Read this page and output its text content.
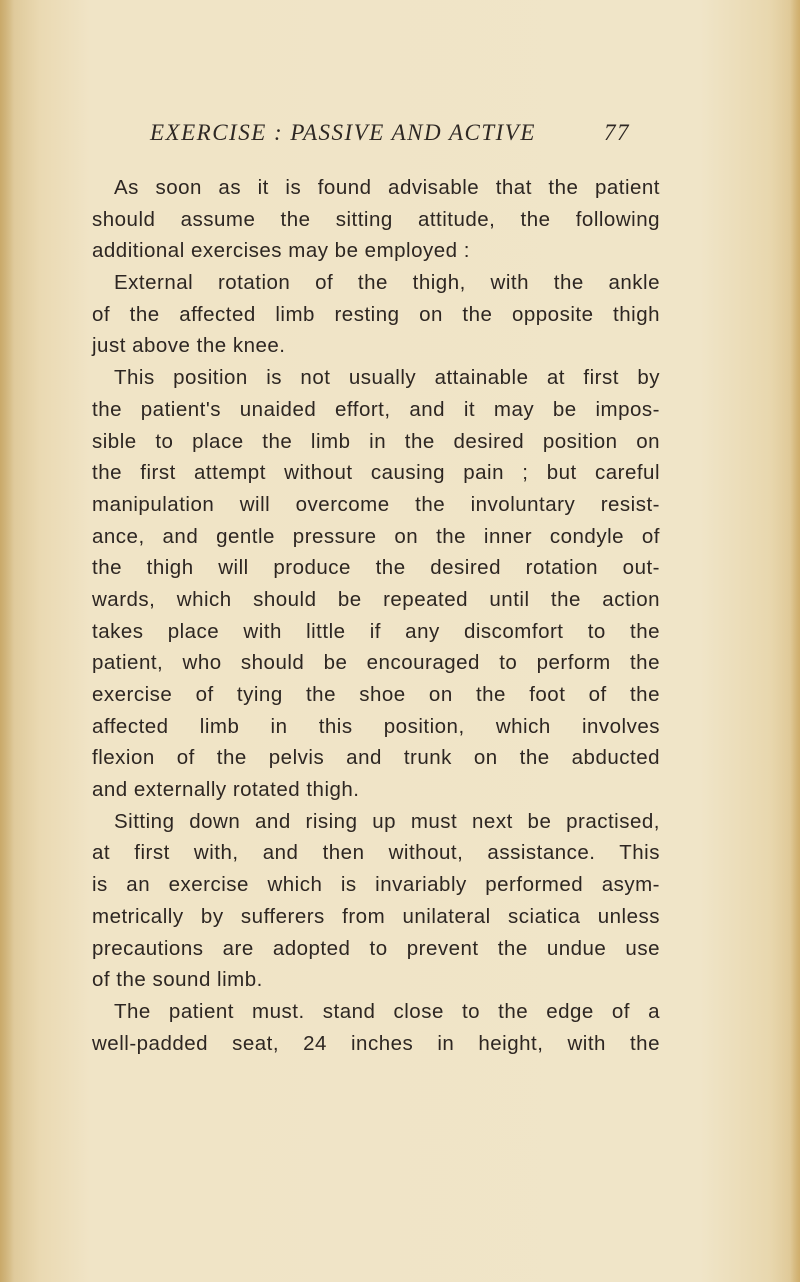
EXERCISE : PASSIVE AND ACTIVE	77
As soon as it is found advisable that the patient
should assume the sitting attitude, the following
additional exercises may be employed :
External rotation of the thigh, with the ankle
of the affected limb resting on the opposite thigh
just above the knee.
This position is not usually attainable at first by
the patient's unaided effort, and it may be impos-
sible to place the limb in the desired position on
the first attempt without causing pain ; but careful
manipulation will overcome the involuntary resist-
ance, and gentle pressure on the inner condyle of
the thigh will produce the desired rotation out-
wards, which should be repeated until the action
takes place with little if any discomfort to the
patient, who should be encouraged to perform the
exercise of tying the shoe on the foot of the
affected limb in this position, which involves
flexion of the pelvis and trunk on the abducted
and externally rotated thigh.
Sitting down and rising up must next be practised,
at first with, and then without, assistance. This
is an exercise which is invariably performed asym-
metrically by sufferers from unilateral sciatica unless
precautions are adopted to prevent the undue use
of the sound limb.
The patient must. stand close to the edge of a
well-padded seat, 24 inches in height, with the
